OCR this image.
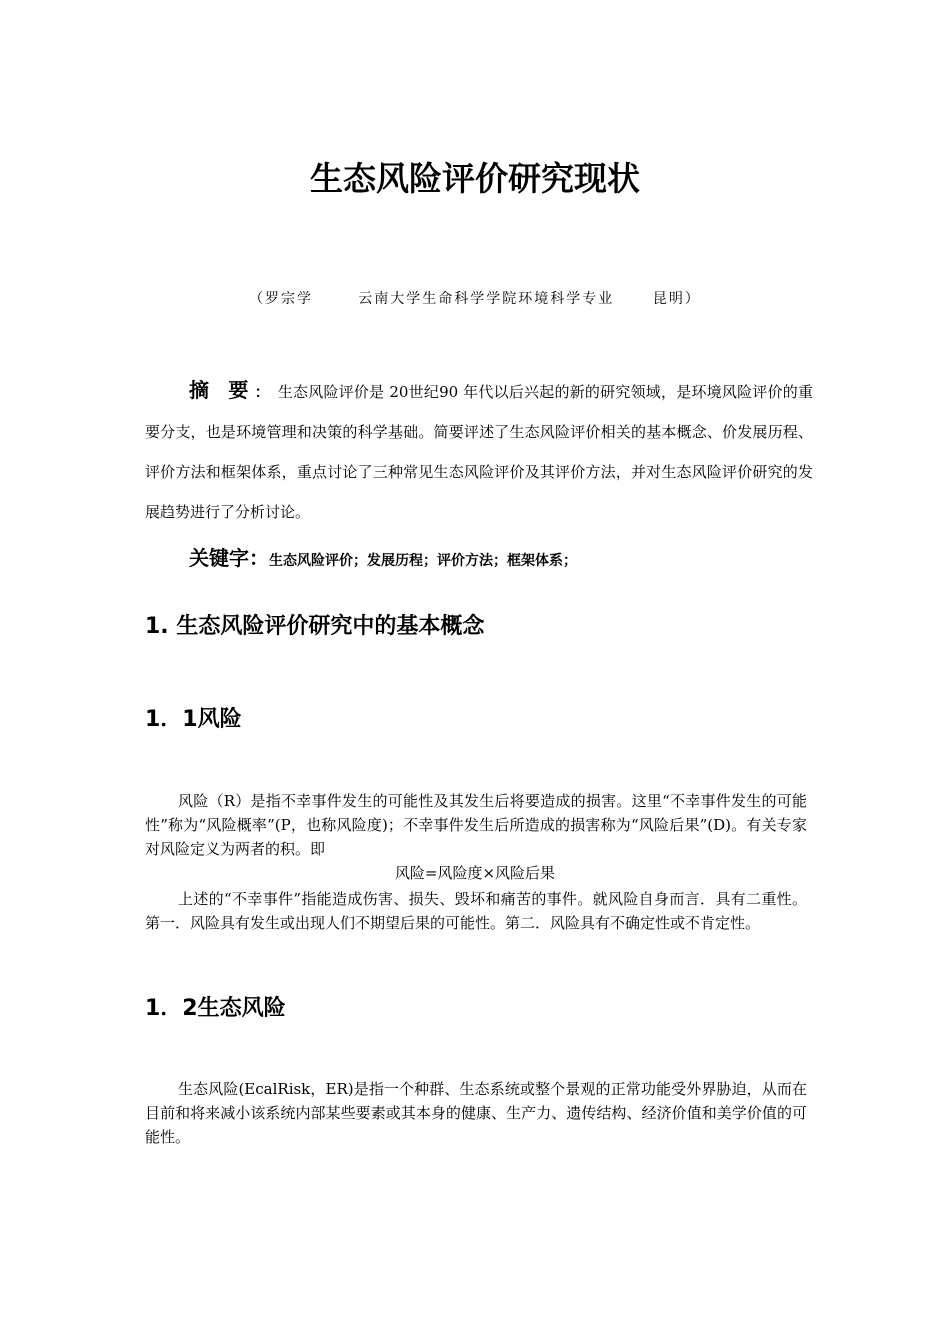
生态风险评价研究现状
（罗宗学       云南大学生命科学学院环境科学专业      昆明）
摘 要： 生态风险评价是 20世纪90 年代以后兴起的新的研究领域，是环境风险评价的重要分支，也是环境管理和决策的科学基础。简要评述了生态风险评价相关的基本概念、价发展历程、评价方法和框架体系，重点讨论了三种常见生态风险评价及其评价方法，并对生态风险评价研究的发展趋势进行了分析讨论。
关键字：生态风险评价；发展历程；评价方法；框架体系；
1. 生态风险评价研究中的基本概念
1．1风险
风险（R）是指不幸事件发生的可能性及其发生后将要造成的损害。这里“不幸事件发生的可能性”称为“风险概率”(P，也称风险度)；不幸事件发生后所造成的损害称为“风险后果”(D)。有关专家对风险定义为两者的积。即
风险=风险度×风险后果
上述的“不幸事件”指能造成伤害、损失、毁坏和痛苦的事件。就风险自身而言．具有二重性。第一．风险具有发生或出现人们不期望后果的可能性。第二．风险具有不确定性或不肯定性。
1．2生态风险
生态风险(EcalRisk，ER)是指一个种群、生态系统或整个景观的正常功能受外界胁迫，从而在目前和将来减小该系统内部某些要素或其本身的健康、生产力、遗传结构、经济价值和美学价值的可能性。
